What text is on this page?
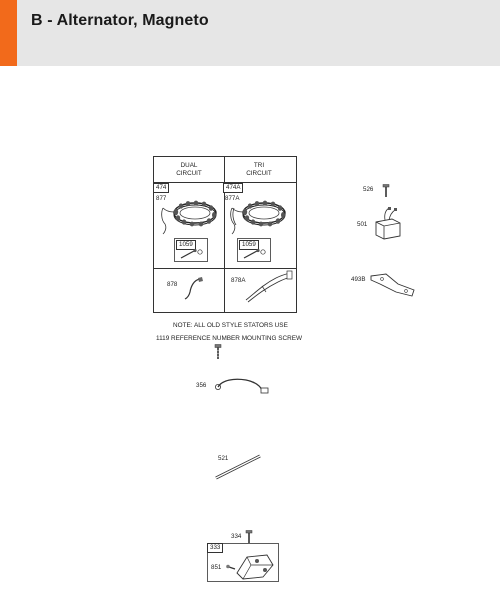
B - Alternator, Magneto
DUAL
CIRCUIT
TRI
CIRCUIT
474
877
1059
878
474A
877A
1059
878A
NOTE: ALL OLD STYLE STATORS USE
1119 REFERENCE NUMBER MOUNTING SCREW
356
521
526
501
493B
334
333
851
